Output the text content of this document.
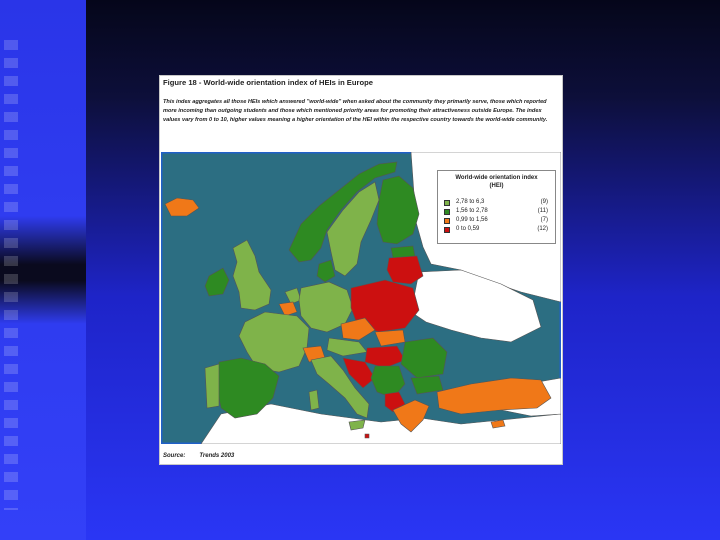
Figure 18 - World-wide orientation index of HEIs in Europe
This index aggregates all those HEIs which answered "world-wide" when asked about the community they primarily serve, those which reported more incoming than outgoing students and those which mentioned priority areas for promoting their attractiveness outside Europe. The index values vary from 0 to 10, higher values meaning a higher orientation of the HEI within the respective country towards the world-wide community.
World-wide orientation index
(HEI)
2,78 to 6,3	(9)
1,56 to 2,78	(11)
0,99 to 1,56	(7)
0 to 0,59	(12)
Source: Trends 2003
